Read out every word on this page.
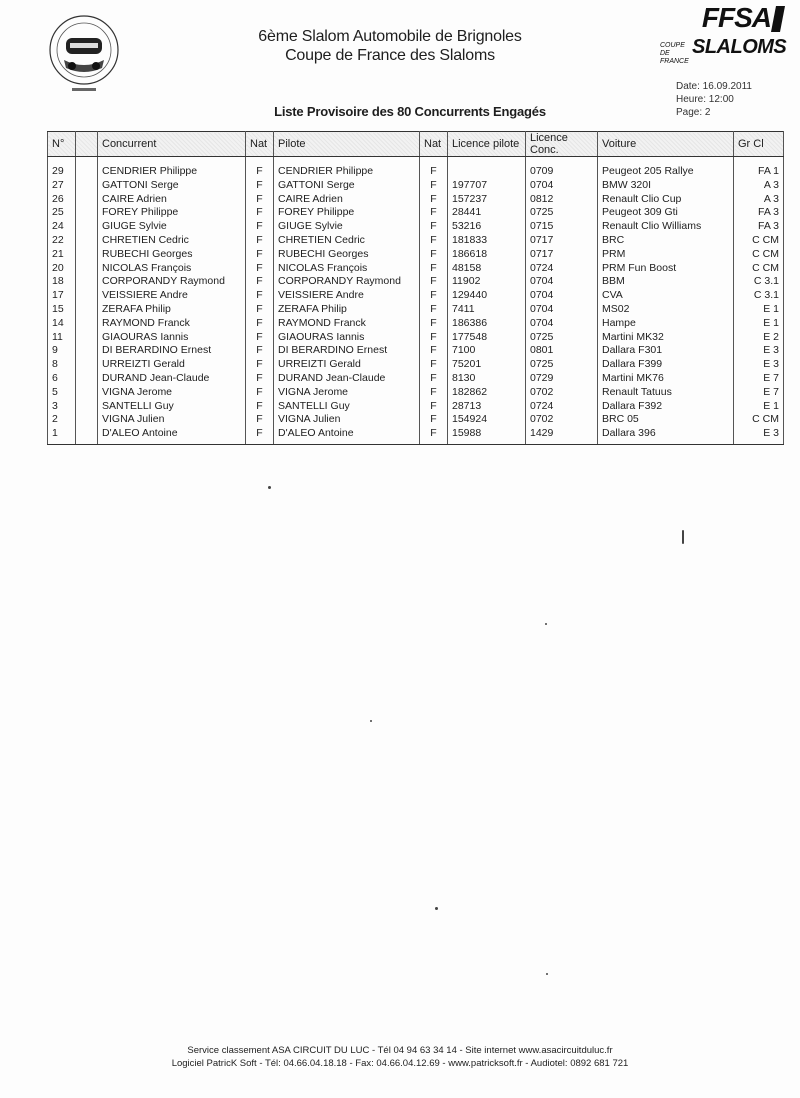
6ème Slalom Automobile de Brignoles
Coupe de France des Slaloms
FFSA
COUPE DE FRANCE
SLALOMS
Date: 16.09.2011
Heure: 12:00
Page: 2
Liste Provisoire des 80 Concurrents Engagés
N°		Concurrent	Nat	Pilote	Nat	Licence pilote	Licence Conc.	Voiture	Gr Cl
29		CENDRIER Philippe	F	CENDRIER Philippe	F		0709	Peugeot 205 Rallye	FA 1
27		GATTONI Serge	F	GATTONI Serge	F	197707	0704	BMW 320I	A 3
26		CAIRE Adrien	F	CAIRE Adrien	F	157237	0812	Renault Clio Cup	A 3
25		FOREY Philippe	F	FOREY Philippe	F	28441	0725	Peugeot 309 Gti	FA 3
24		GIUGE Sylvie	F	GIUGE Sylvie	F	53216	0715	Renault Clio Williams	FA 3
22		CHRETIEN Cedric	F	CHRETIEN Cedric	F	181833	0717	BRC	C CM
21		RUBECHI Georges	F	RUBECHI Georges	F	186618	0717	PRM	C CM
20		NICOLAS François	F	NICOLAS François	F	48158	0724	PRM Fun Boost	C CM
18		CORPORANDY Raymond	F	CORPORANDY Raymond	F	11902	0704	BBM	C 3.1
17		VEISSIERE Andre	F	VEISSIERE Andre	F	129440	0704	CVA	C 3.1
15		ZERAFA Philip	F	ZERAFA Philip	F	7411	0704	MS02	E 1
14		RAYMOND Franck	F	RAYMOND Franck	F	186386	0704	Hampe	E 1
11		GIAOURAS Iannis	F	GIAOURAS Iannis	F	177548	0725	Martini MK32	E 2
9		DI BERARDINO Ernest	F	DI BERARDINO Ernest	F	7100	0801	Dallara F301	E 3
8		URREIZTI Gerald	F	URREIZTI Gerald	F	75201	0725	Dallara F399	E 3
6		DURAND Jean-Claude	F	DURAND Jean-Claude	F	8130	0729	Martini MK76	E 7
5		VIGNA Jerome	F	VIGNA Jerome	F	182862	0702	Renault Tatuus	E 7
3		SANTELLI Guy	F	SANTELLI Guy	F	28713	0724	Dallara F392	E 1
2		VIGNA Julien	F	VIGNA Julien	F	154924	0702	BRC 05	C CM
1		D'ALEO Antoine	F	D'ALEO Antoine	F	15988	1429	Dallara 396	E 3
Service classement ASA CIRCUIT DU LUC - Tél 04 94 63 34 14 - Site internet www.asacircuitduluc.fr
Logiciel PatricK Soft - Tél: 04.66.04.18.18 - Fax: 04.66.04.12.69 - www.patricksoft.fr - Audiotel: 0892 681 721
